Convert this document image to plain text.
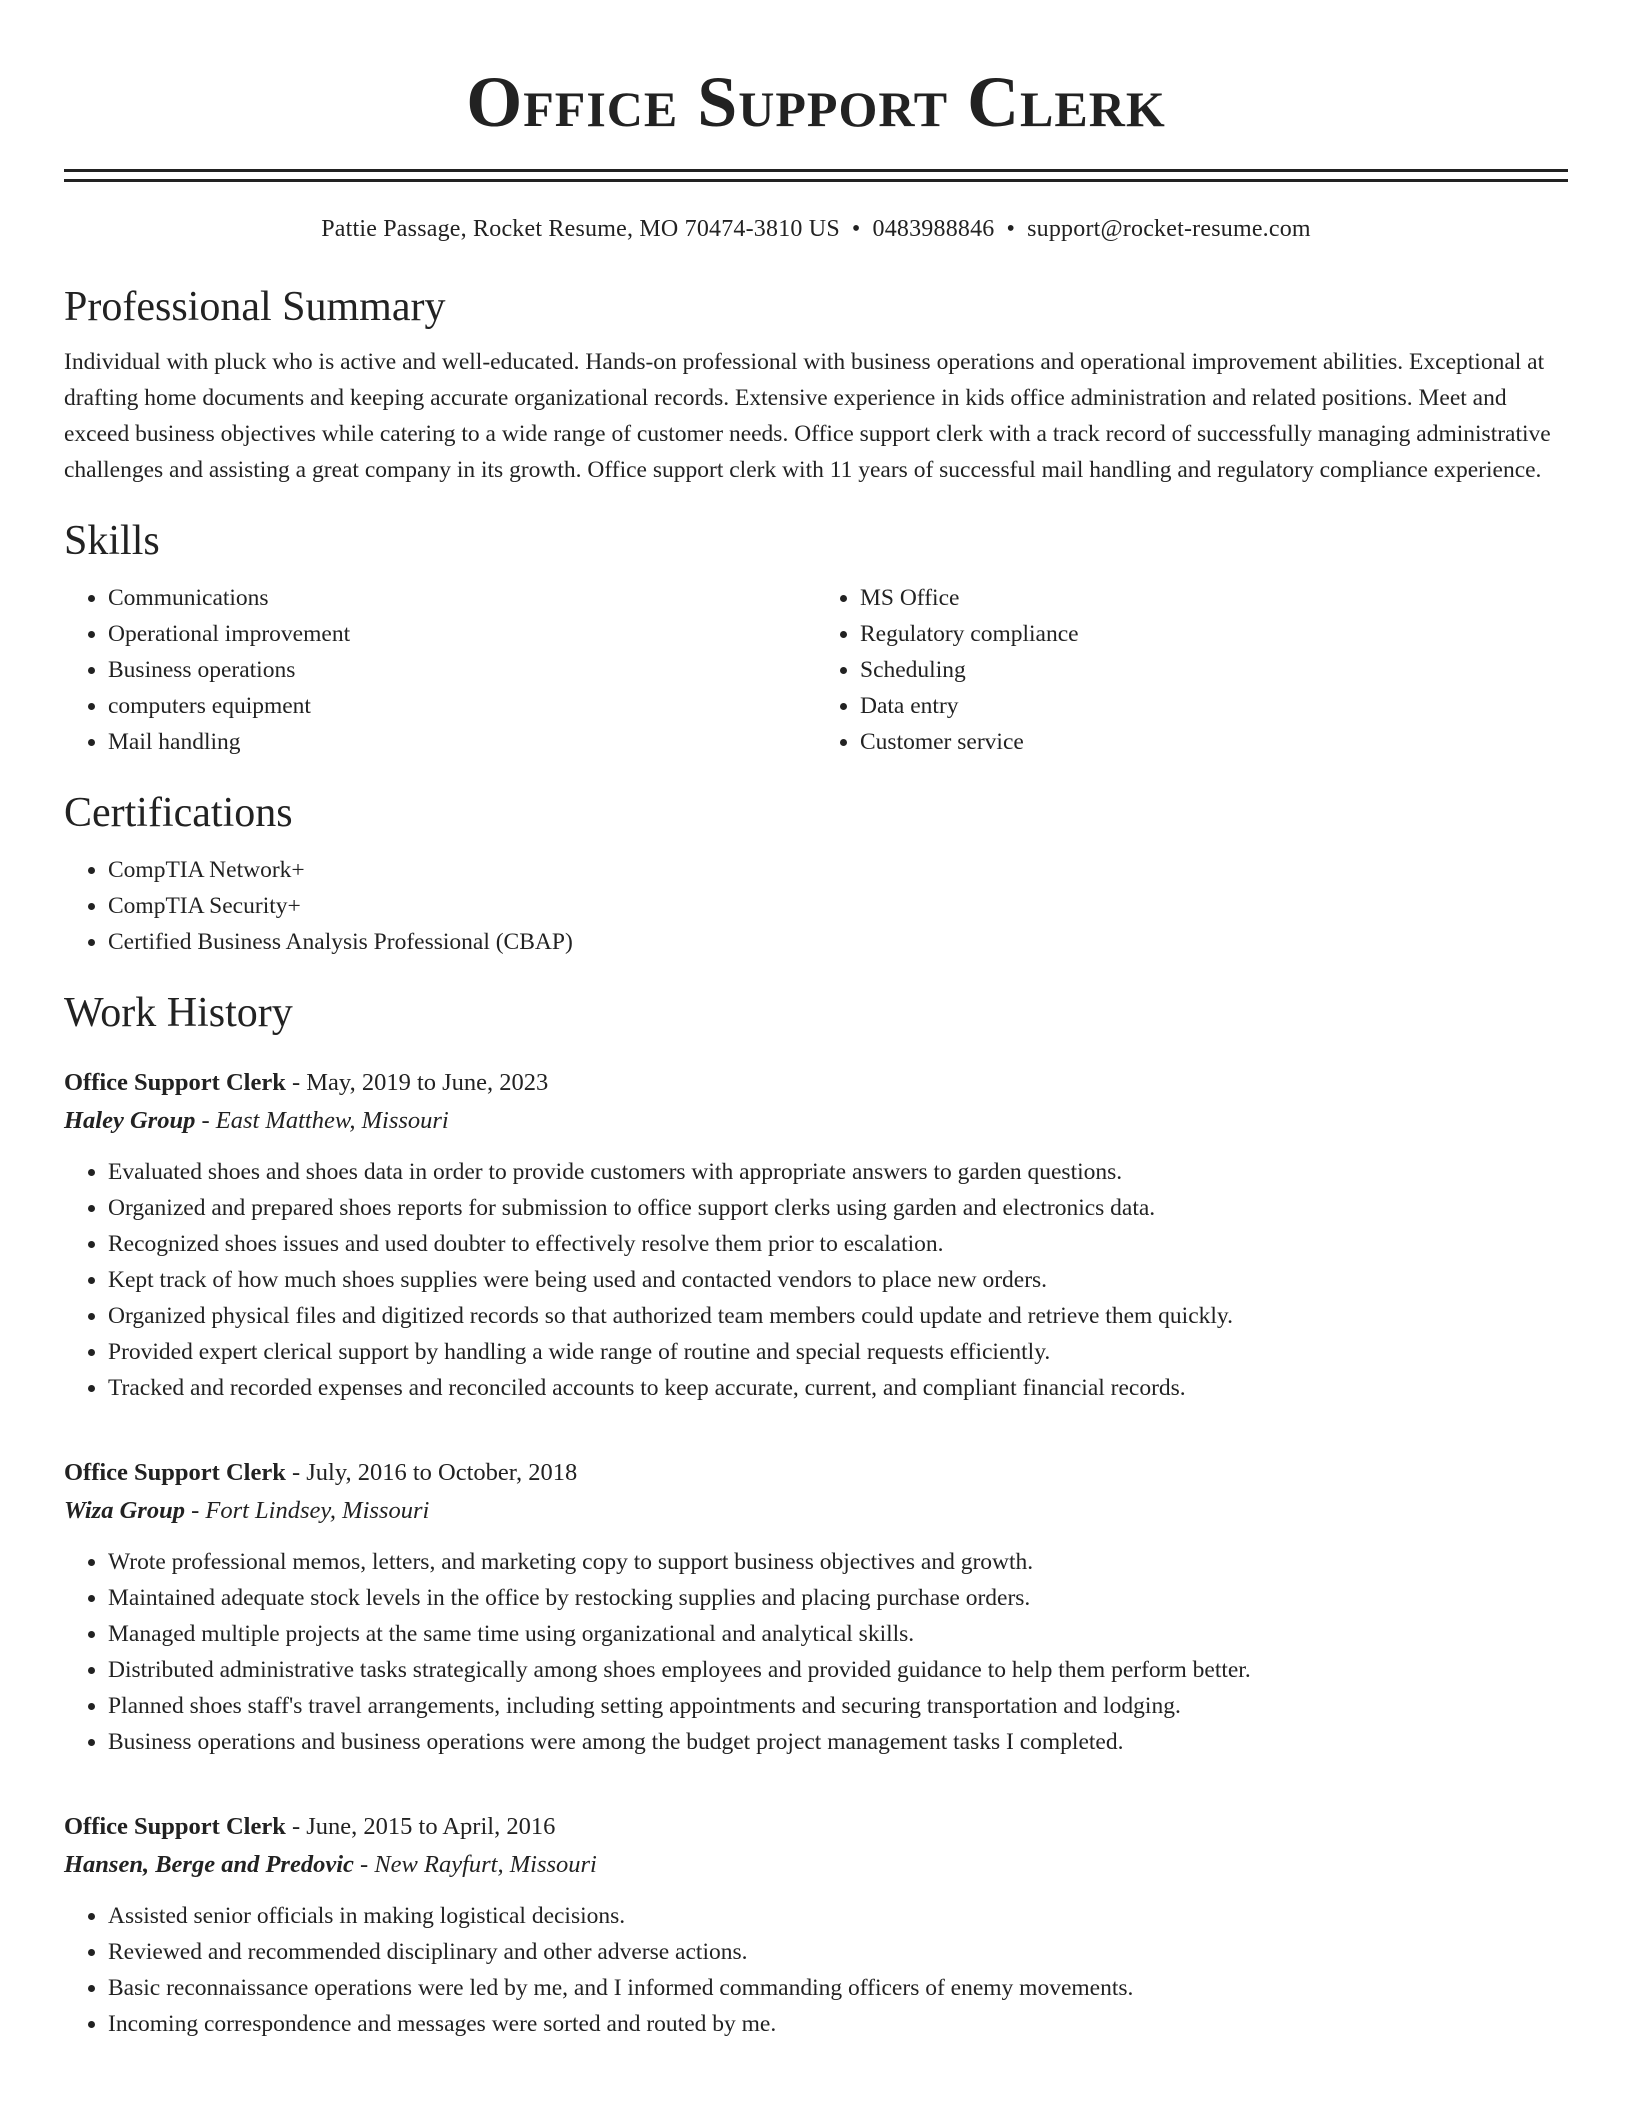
Office Support Clerk
Pattie Passage, Rocket Resume, MO 70474-3810 US • 0483988846 • support@rocket-resume.com
Professional Summary

Individual with pluck who is active and well-educated. Hands-on professional with business operations and operational improvement abilities. Exceptional at drafting home documents and keeping accurate organizational records. Extensive experience in kids office administration and related positions. Meet and exceed business objectives while catering to a wide range of customer needs. Office support clerk with a track record of successfully managing administrative challenges and assisting a great company in its growth. Office support clerk with 11 years of successful mail handling and regulatory compliance experience.

Skills
• Communications
• Operational improvement
• Business operations
• computers equipment
• Mail handling
• MS Office
• Regulatory compliance
• Scheduling
• Data entry
• Customer service
Certifications
• CompTIA Network+
• CompTIA Security+
• Certified Business Analysis Professional (CBAP)
Work History
Office Support Clerk - May, 2019 to June, 2023
Haley Group - East Matthew, Missouri
• Evaluated shoes and shoes data in order to provide customers with appropriate answers to garden questions.
• Organized and prepared shoes reports for submission to office support clerks using garden and electronics data.
• Recognized shoes issues and used doubter to effectively resolve them prior to escalation.
• Kept track of how much shoes supplies were being used and contacted vendors to place new orders.
• Organized physical files and digitized records so that authorized team members could update and retrieve them quickly.
• Provided expert clerical support by handling a wide range of routine and special requests efficiently.
• Tracked and recorded expenses and reconciled accounts to keep accurate, current, and compliant financial records.
Office Support Clerk - July, 2016 to October, 2018
Wiza Group - Fort Lindsey, Missouri
• Wrote professional memos, letters, and marketing copy to support business objectives and growth.
• Maintained adequate stock levels in the office by restocking supplies and placing purchase orders.
• Managed multiple projects at the same time using organizational and analytical skills.
• Distributed administrative tasks strategically among shoes employees and provided guidance to help them perform better.
• Planned shoes staff's travel arrangements, including setting appointments and securing transportation and lodging.
• Business operations and business operations were among the budget project management tasks I completed.
Office Support Clerk - June, 2015 to April, 2016
Hansen, Berge and Predovic - New Rayfurt, Missouri
• Assisted senior officials in making logistical decisions.
• Reviewed and recommended disciplinary and other adverse actions.
• Basic reconnaissance operations were led by me, and I informed commanding officers of enemy movements.
• Incoming correspondence and messages were sorted and routed by me.
